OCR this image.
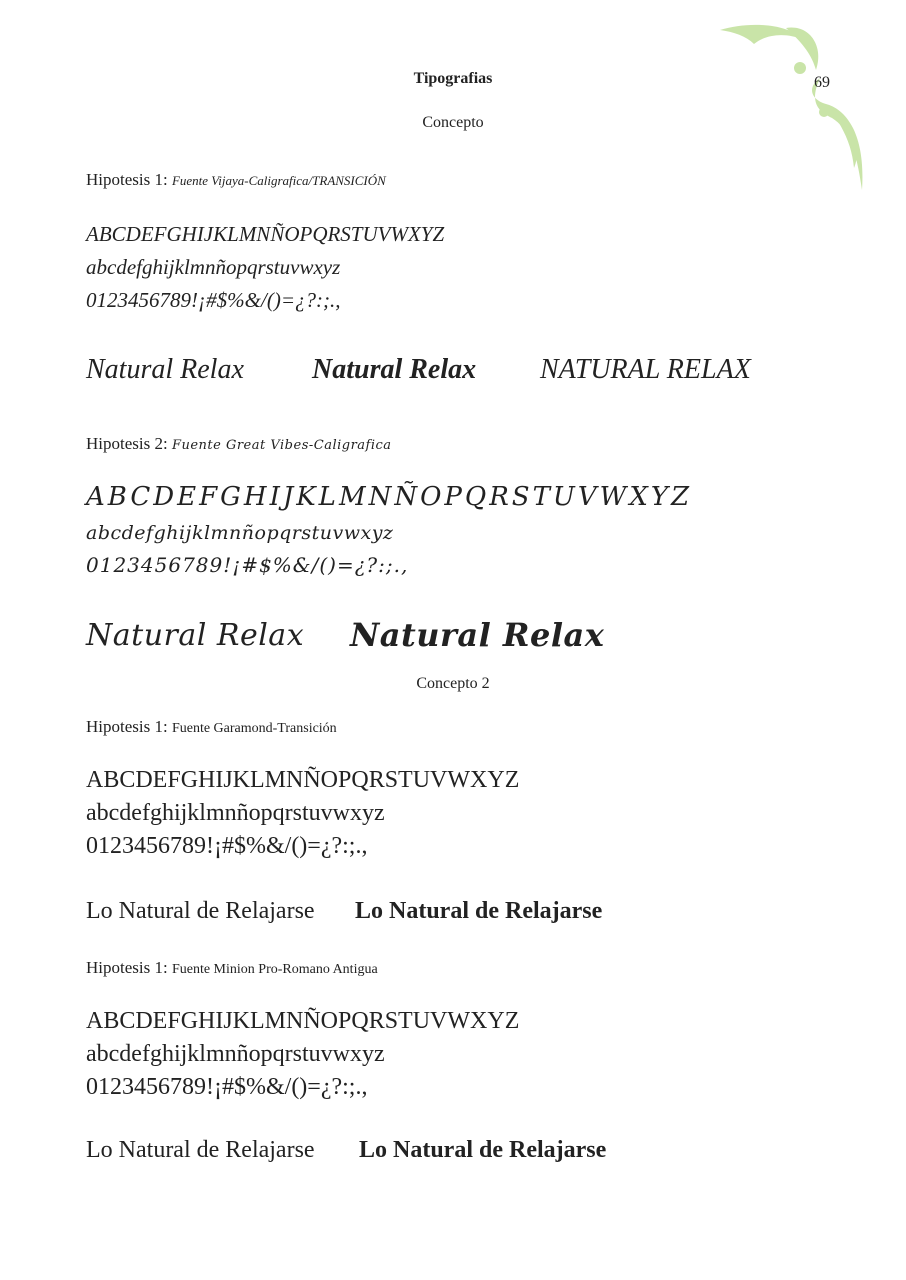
Tipografias	69
Concepto
Hipotesis 1: Fuente Vijaya-Caligrafica/TRANSICIÓN
ABCDEFGHIJKLMNÑOPQRSTUVWXYZ
abcdefghijklmnñopqrstuvwxyz
0123456789!¡#$%&/()=¿?:;.,
Natural Relax Natural Relax NATURAL RELAX
Hipotesis 2: Fuente Great Vibes-Caligrafica
ABCDEFGHIJKLMNÑOPQRSTUVWXYZ
abcdefghijklmnñopqrstuvwxyz
0123456789!¡#$%&/()=¿?:;.,
Natural Relax Natural Relax
Concepto 2
Hipotesis 1: Fuente Garamond-Transición
ABCDEFGHIJKLMNÑOPQRSTUVWXYZ
abcdefghijklmnñopqrstuvwxyz
0123456789!¡#$%&/()=¿?:;.,
Lo Natural de Relajarse Lo Natural de Relajarse
Hipotesis 1: Fuente Minion Pro-Romano Antigua
ABCDEFGHIJKLMNÑOPQRSTUVWXYZ
abcdefghijklmnñopqrstuvwxyz
0123456789!¡#$%&/()=¿?:;.,
Lo Natural de Relajarse Lo Natural de Relajarse
